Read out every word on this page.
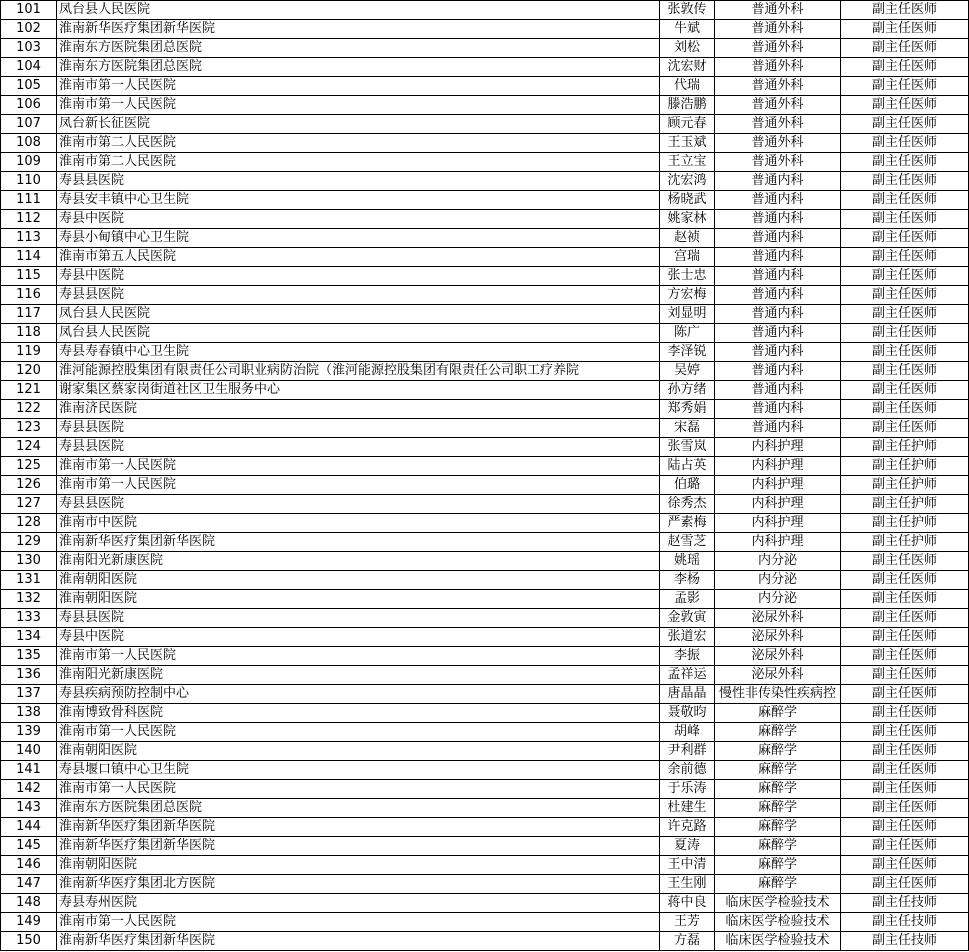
101	凤台县人民医院	张敦传	普通外科	副主任医师
102	淮南新华医疗集团新华医院	牛斌	普通外科	副主任医师
103	淮南东方医院集团总医院	刘松	普通外科	副主任医师
104	淮南东方医院集团总医院	沈宏财	普通外科	副主任医师
105	淮南市第一人民医院	代瑞	普通外科	副主任医师
106	淮南市第一人民医院	滕浩鹏	普通外科	副主任医师
107	凤台新长征医院	顾元春	普通外科	副主任医师
108	淮南市第二人民医院	王玉斌	普通外科	副主任医师
109	淮南市第二人民医院	王立宝	普通外科	副主任医师
110	寿县县医院	沈宏鸿	普通内科	副主任医师
111	寿县安丰镇中心卫生院	杨晓武	普通内科	副主任医师
112	寿县中医院	姚家林	普通内科	副主任医师
113	寿县小甸镇中心卫生院	赵祯	普通内科	副主任医师
114	淮南市第五人民医院	宫瑞	普通内科	副主任医师
115	寿县中医院	张士忠	普通内科	副主任医师
116	寿县县医院	方宏梅	普通内科	副主任医师
117	凤台县人民医院	刘显明	普通内科	副主任医师
118	凤台县人民医院	陈广	普通内科	副主任医师
119	寿县寿春镇中心卫生院	李泽锐	普通内科	副主任医师
120	淮河能源控股集团有限责任公司职业病防治院（淮河能源控股集团有限责任公司职工疗养院	吴婷	普通内科	副主任医师
121	谢家集区蔡家岗街道社区卫生服务中心	孙方绪	普通内科	副主任医师
122	淮南济民医院	郑秀娟	普通内科	副主任医师
123	寿县县医院	宋磊	普通内科	副主任医师
124	寿县县医院	张雪岚	内科护理	副主任护师
125	淮南市第一人民医院	陆占英	内科护理	副主任护师
126	淮南市第一人民医院	伯璐	内科护理	副主任护师
127	寿县县医院	徐秀杰	内科护理	副主任护师
128	淮南市中医院	严素梅	内科护理	副主任护师
129	淮南新华医疗集团新华医院	赵雪芝	内科护理	副主任护师
130	淮南阳光新康医院	姚瑶	内分泌	副主任医师
131	淮南朝阳医院	李杨	内分泌	副主任医师
132	淮南朝阳医院	孟影	内分泌	副主任医师
133	寿县县医院	金敦寅	泌尿外科	副主任医师
134	寿县中医院	张道宏	泌尿外科	副主任医师
135	淮南市第一人民医院	李振	泌尿外科	副主任医师
136	淮南阳光新康医院	孟祥运	泌尿外科	副主任医师
137	寿县疾病预防控制中心	唐晶晶	慢性非传染性疾病控	副主任医师
138	淮南博致骨科医院	聂敬昀	麻醉学	副主任医师
139	淮南市第一人民医院	胡峰	麻醉学	副主任医师
140	淮南朝阳医院	尹利群	麻醉学	副主任医师
141	寿县堰口镇中心卫生院	余前德	麻醉学	副主任医师
142	淮南市第一人民医院	于乐涛	麻醉学	副主任医师
143	淮南东方医院集团总医院	杜建生	麻醉学	副主任医师
144	淮南新华医疗集团新华医院	许克路	麻醉学	副主任医师
145	淮南新华医疗集团新华医院	夏涛	麻醉学	副主任医师
146	淮南朝阳医院	王中清	麻醉学	副主任医师
147	淮南新华医疗集团北方医院	王生刚	麻醉学	副主任医师
148	寿县寿州医院	蒋中良	临床医学检验技术	副主任技师
149	淮南市第一人民医院	王芳	临床医学检验技术	副主任技师
150	淮南新华医疗集团新华医院	方磊	临床医学检验技术	副主任技师
